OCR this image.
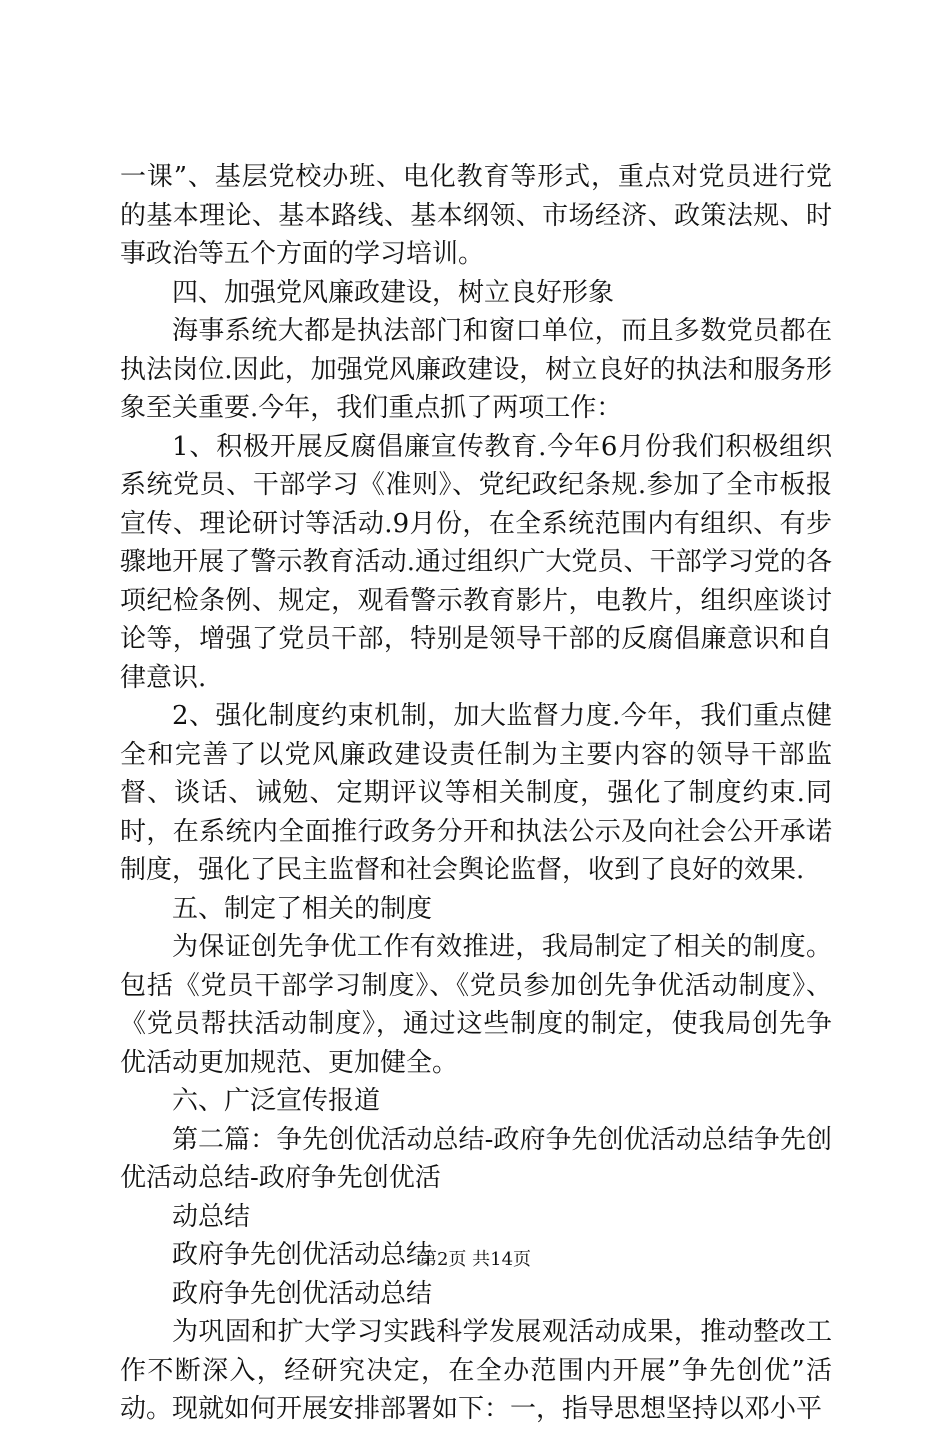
一课”、基层党校办班、电化教育等形式，重点对党员进行党的基本理论、基本路线、基本纲领、市场经济、政策法规、时事政治等五个方面的学习培训。

四、加强党风廉政建设，树立良好形象

海事系统大都是执法部门和窗口单位，而且多数党员都在执法岗位.因此，加强党风廉政建设，树立良好的执法和服务形象至关重要.今年，我们重点抓了两项工作：

1、积极开展反腐倡廉宣传教育.今年6月份我们积极组织系统党员、干部学习《准则》、党纪政纪条规.参加了全市板报宣传、理论研讨等活动.9月份，在全系统范围内有组织、有步骤地开展了警示教育活动.通过组织广大党员、干部学习党的各项纪检条例、规定，观看警示教育影片，电教片，组织座谈讨论等，增强了党员干部，特别是领导干部的反腐倡廉意识和自律意识.

2、强化制度约束机制，加大监督力度.今年，我们重点健全和完善了以党风廉政建设责任制为主要内容的领导干部监督、谈话、诫勉、定期评议等相关制度，强化了制度约束.同时，在系统内全面推行政务分开和执法公示及向社会公开承诺制度，强化了民主监督和社会舆论监督，收到了良好的效果.

五、制定了相关的制度

为保证创先争优工作有效推进，我局制定了相关的制度。包括《党员干部学习制度》、《党员参加创先争优活动制度》、《党员帮扶活动制度》，通过这些制度的制定，使我局创先争优活动更加规范、更加健全。

六、广泛宣传报道

第二篇：争先创优活动总结-政府争先创优活动总结争先创优活动总结-政府争先创优活

动总结

政府争先创优活动总结

政府争先创优活动总结

为巩固和扩大学习实践科学发展观活动成果，推动整改工作不断深入，经研究决定，在全办范围内开展”争先创优”活动。现就如何开展安排部署如下：一，指导思想坚持以邓小平

第2页 共14页
